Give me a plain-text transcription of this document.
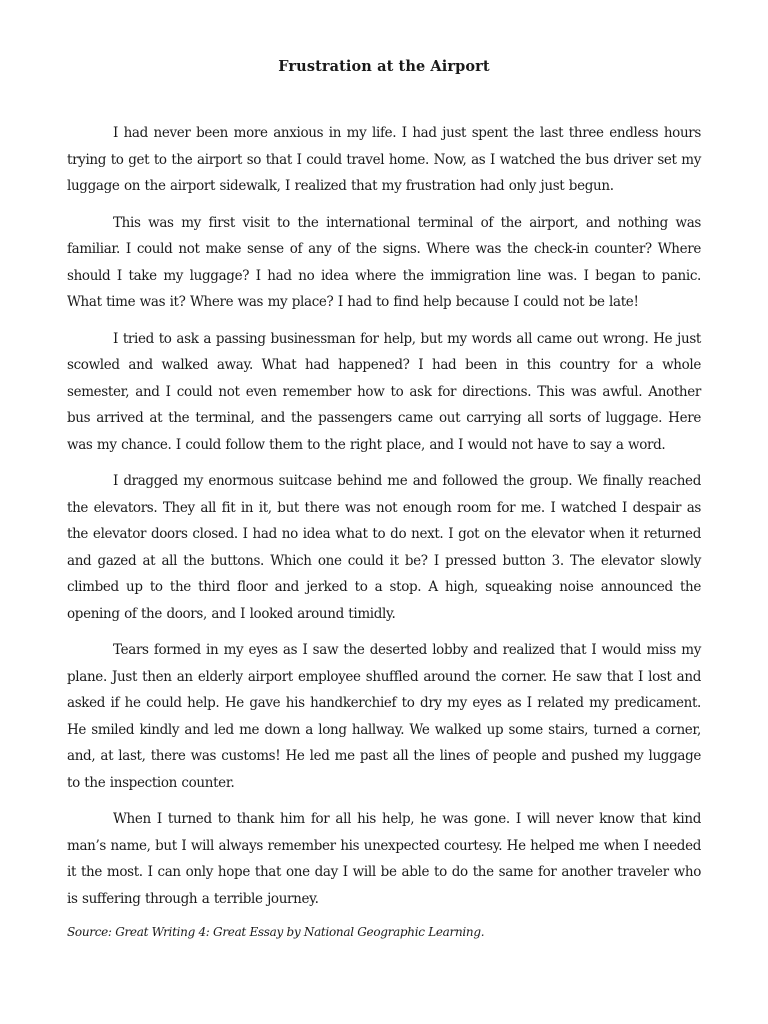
Frustration at the Airport

I had never been more anxious in my life. I had just spent the last three endless hours trying to get to the airport so that I could travel home. Now, as I watched the bus driver set my luggage on the airport sidewalk, I realized that my frustration had only just begun.

This was my first visit to the international terminal of the airport, and nothing was familiar. I could not make sense of any of the signs. Where was the check-in counter? Where should I take my luggage? I had no idea where the immigration line was. I began to panic. What time was it? Where was my place? I had to find help because I could not be late!

I tried to ask a passing businessman for help, but my words all came out wrong. He just scowled and walked away. What had happened? I had been in this country for a whole semester, and I could not even remember how to ask for directions. This was awful. Another bus arrived at the terminal, and the passengers came out carrying all sorts of luggage. Here was my chance. I could follow them to the right place, and I would not have to say a word.

I dragged my enormous suitcase behind me and followed the group. We finally reached the elevators. They all fit in it, but there was not enough room for me. I watched I despair as the elevator doors closed. I had no idea what to do next. I got on the elevator when it returned and gazed at all the buttons. Which one could it be? I pressed button 3. The elevator slowly climbed up to the third floor and jerked to a stop. A high, squeaking noise announced the opening of the doors, and I looked around timidly.

Tears formed in my eyes as I saw the deserted lobby and realized that I would miss my plane. Just then an elderly airport employee shuffled around the corner. He saw that I lost and asked if he could help. He gave his handkerchief to dry my eyes as I related my predicament. He smiled kindly and led me down a long hallway. We walked up some stairs, turned a corner, and, at last, there was customs! He led me past all the lines of people and pushed my luggage to the inspection counter.

When I turned to thank him for all his help, he was gone. I will never know that kind man’s name, but I will always remember his unexpected courtesy. He helped me when I needed it the most. I can only hope that one day I will be able to do the same for another traveler who is suffering through a terrible journey.

Source: Great Writing 4: Great Essay by National Geographic Learning.
